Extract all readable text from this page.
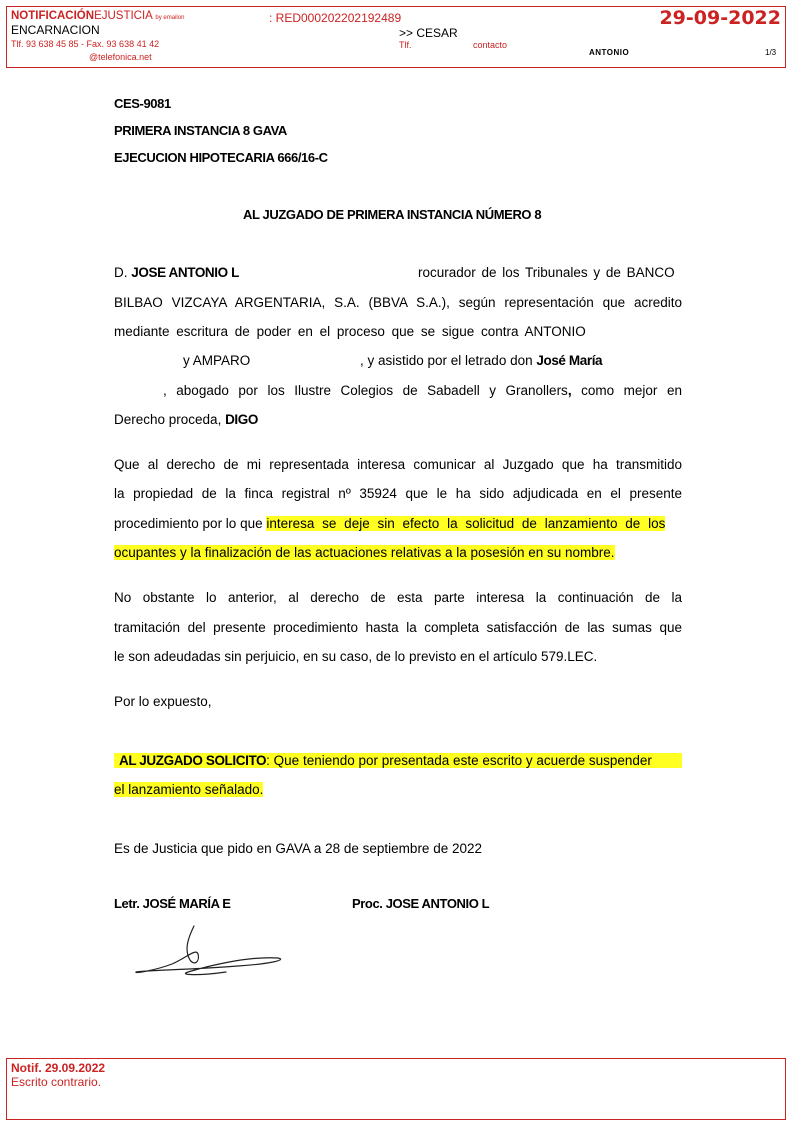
NOTIFICACIÓNEJUSTICIA by emailon	: RED000202202192489	29-09-2022
ENCARNACION	>> CESAR
Tlf. 93 638 45 85 - Fax. 93 638 41 42	Tlf.	contacto
@telefonica.net	ANTONIO	1/3
CES-9081
PRIMERA INSTANCIA 8 GAVA
EJECUCION HIPOTECARIA 666/16-C
AL JUZGADO DE PRIMERA INSTANCIA NÚMERO 8
D. JOSE ANTONIO L	rocurador de los Tribunales y de BANCO
BILBAO VIZCAYA ARGENTARIA, S.A. (BBVA S.A.), según representación que acredito
mediante escritura de poder en el proceso que se sigue contra ANTONIO
y AMPARO	, y asistido por el letrado don José María
, abogado por los Ilustre Colegios de Sabadell y Granollers, como mejor en
Derecho proceda, DIGO
Que al derecho de mi representada interesa comunicar al Juzgado que ha transmitido
la propiedad de la finca registral nº 35924 que le ha sido adjudicada en el presente
procedimiento por lo que interesa se deje sin efecto la solicitud de lanzamiento de los
ocupantes y la finalización de las actuaciones relativas a la posesión en su nombre.
No obstante lo anterior, al derecho de esta parte interesa la continuación de la
tramitación del presente procedimiento hasta la completa satisfacción de las sumas que
le son adeudadas sin perjuicio, en su caso, de lo previsto en el artículo 579.LEC.
Por lo expuesto,
AL JUZGADO SOLICITO: Que teniendo por presentada este escrito y acuerde suspender
el lanzamiento señalado.
Es de Justicia que pido en GAVA a 28 de septiembre de 2022
Letr. JOSÉ MARÍA E	Proc. JOSE ANTONIO L
Notif. 29.09.2022
Escrito contrario.
